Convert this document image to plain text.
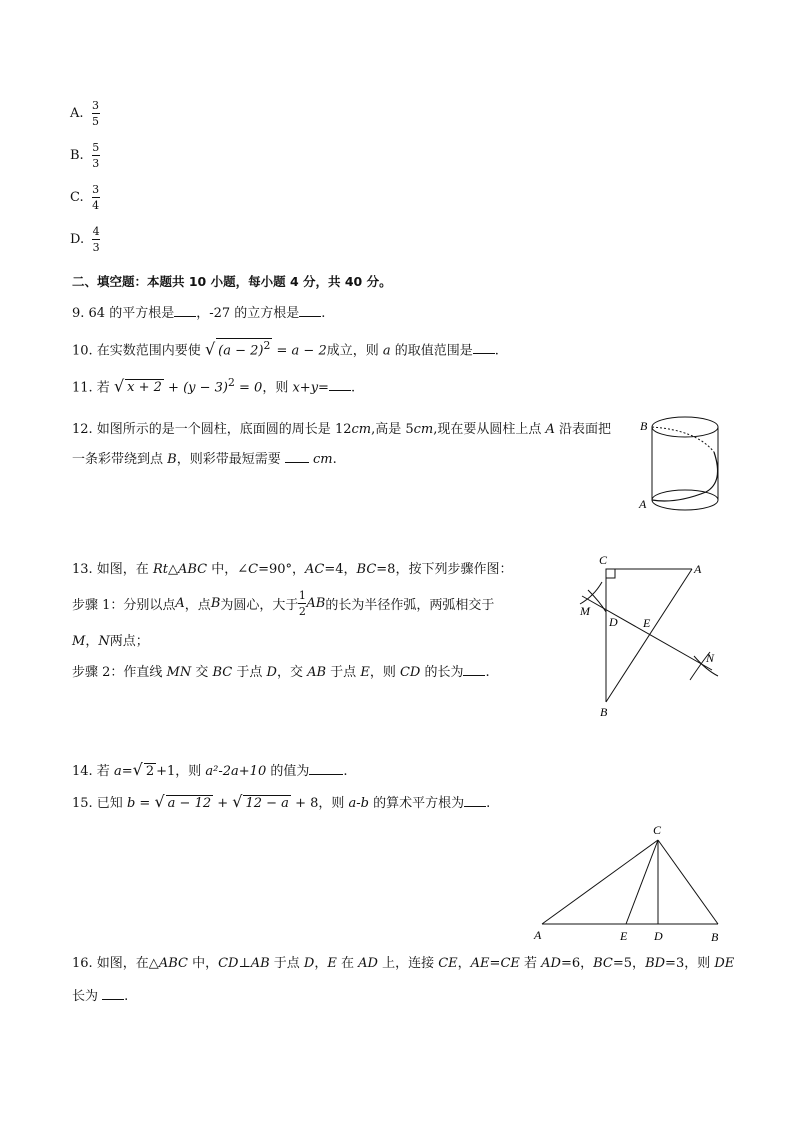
A. $\frac{3}{5}$
B. $\frac{5}{3}$
C. $\frac{3}{4}$
D. $\frac{4}{3}$
二、填空题：本题共 10 小题，每小题 4 分，共 40 分。
9. 64 的平方根是 ，-27 的立方根是 .
10. 在实数范围内要使 √ $(a - 2)^2 = a - 2$成立，则 a 的取值范围是 .
11. 若 √ $x + 2 + (y - 3)^2 = 0$，则 x+y= .
12. 如图所示的是一个圆柱，底面圆的周长是 12cm,高是 5cm,现在要从圆柱上点 A 沿表面把
一条彩带绕到点 B，则彩带最短需要  cm.
B
A
13. 如图，在 Rt△ABC 中，∠C=90°，AC=4，BC=8，按下列步骤作图：
步骤 1：分别以点 A ，点 B 为圆心，大于 $\frac{1}{2}$ AB 的长为半径作弧，两弧相交于
M，N两点；
步骤 2：作直线 MN 交 BC 于点 D，交 AB 于点 E，则 CD 的长为 .
C
A
M
D E
N
B
14. 若 a=√ 2 +1，则 a²-2a+10 的值为	.
15. 已知 b = √ a − 12 + √ 12 − a + 8，则 a-b 的算术平方根为 .
C
A	E D	B
16. 如图，在△ABC 中，CD⊥AB 于点 D，E 在 AD 上，连接 CE，AE=CE 若 AD=6，BC=5，BD=3，则 DE
长为 .
